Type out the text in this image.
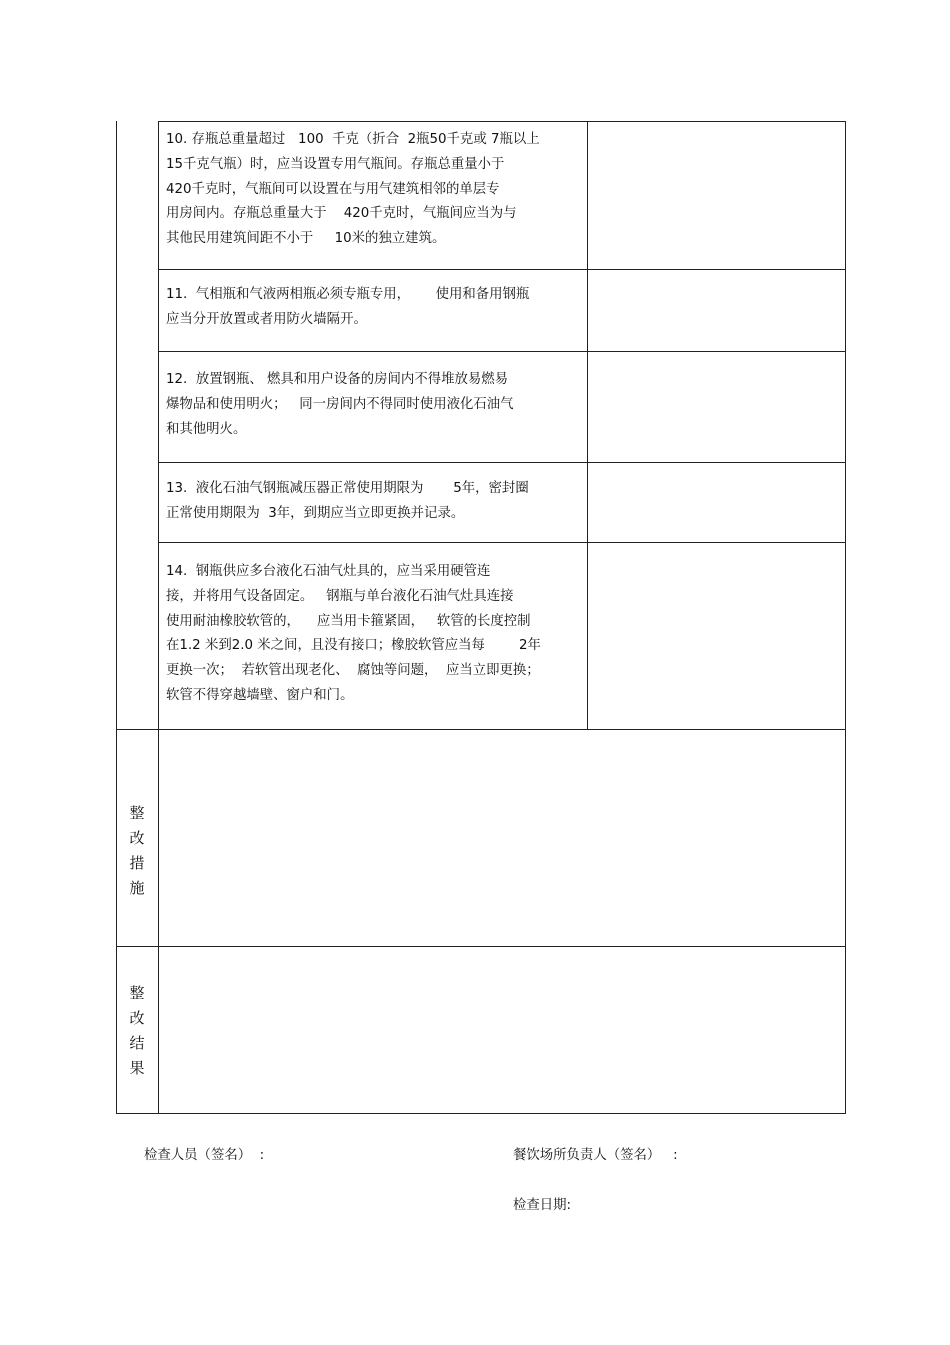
10. 存瓶总重量超过   100  千克（折合  2瓶50千克或 7瓶以上
15千克气瓶）时，应当设置专用气瓶间。存瓶总重量小于
420千克时，气瓶间可以设置在与用气建筑相邻的单层专
用房间内。存瓶总重量大于    420千克时，气瓶间应当为与
其他民用建筑间距不小于     10米的独立建筑。
11.  气相瓶和气液两相瓶必须专瓶专用，      使用和备用钢瓶
应当分开放置或者用防火墙隔开。
12.  放置钢瓶、 燃具和用户设备的房间内不得堆放易燃易
爆物品和使用明火；   同一房间内不得同时使用液化石油气
和其他明火。
13.  液化石油气钢瓶减压器正常使用期限为       5年，密封圈
正常使用期限为  3年，到期应当立即更换并记录。
14.  钢瓶供应多台液化石油气灶具的，应当采用硬管连
接，并将用气设备固定。   钢瓶与单台液化石油气灶具连接
使用耐油橡胶软管的，    应当用卡箍紧固，   软管的长度控制
在1.2 米到2.0 米之间，且没有接口；橡胶软管应当每        2年
更换一次；  若软管出现老化、  腐蚀等问题，  应当立即更换；
软管不得穿越墙壁、窗户和门。
整
改
措
施
整
改
结
果
检查人员（签名）  :	餐饮场所负责人（签名）   :
检查日期:
